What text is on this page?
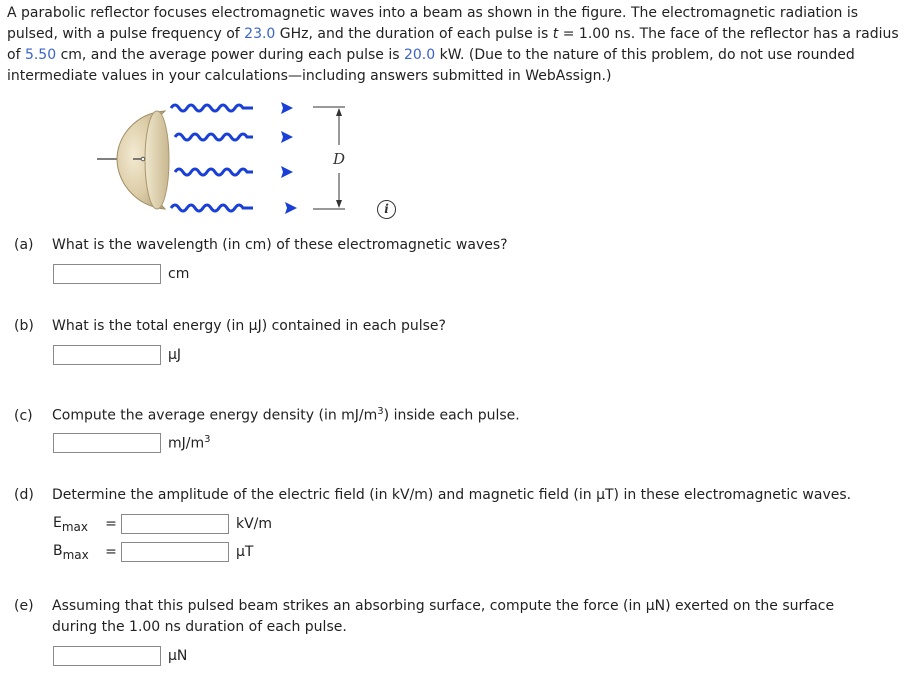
A parabolic reflector focuses electromagnetic waves into a beam as shown in the figure. The electromagnetic radiation is pulsed, with a pulse frequency of 23.0 GHz, and the duration of each pulse is t = 1.00 ns. The face of the reflector has a radius of 5.50 cm, and the average power during each pulse is 20.0 kW. (Due to the nature of this problem, do not use rounded intermediate values in your calculations—including answers submitted in WebAssign.)

D
i

(a) What is the wavelength (in cm) of these electromagnetic waves?

cm

(b) What is the total energy (in µJ) contained in each pulse?

µJ

(c) Compute the average energy density (in $mJ/m^3$) inside each pulse.

$mJ/m^3$

(d) Determine the amplitude of the electric field (in kV/m) and magnetic field (in µT) in these electromagnetic waves.

$E_{max}$	=	kV/m
$B_{max}$	=	µT

(e) Assuming that this pulsed beam strikes an absorbing surface, compute the force (in µN) exerted on the surface
during the 1.00 ns duration of each pulse.

µN
